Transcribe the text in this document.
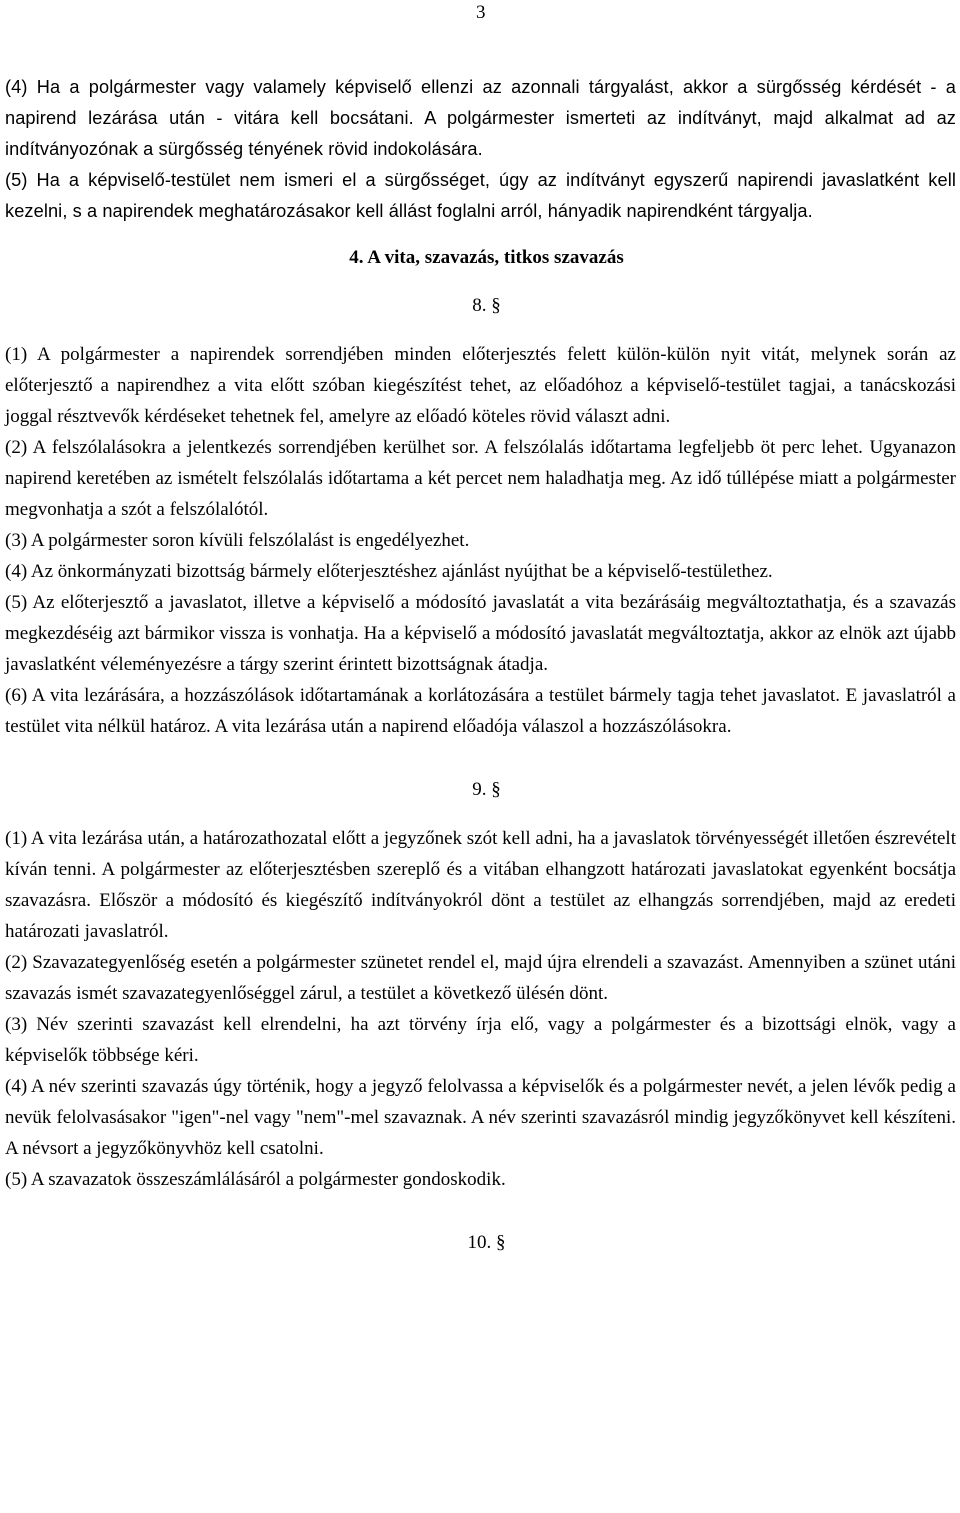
3

(4) Ha a polgármester vagy valamely képviselő ellenzi az azonnali tárgyalást, akkor a sürgősség kérdését - a napirend lezárása után - vitára kell bocsátani. A polgármester ismerteti az indítványt, majd alkalmat ad az indítványozónak a sürgősség tényének rövid indokolására.

(5) Ha a képviselő-testület nem ismeri el a sürgősséget, úgy az indítványt egyszerű napirendi javaslatként kell kezelni, s a napirendek meghatározásakor kell állást foglalni arról, hányadik napirendként tárgyalja.

4. A vita, szavazás, titkos szavazás

8. §

(1) A polgármester a napirendek sorrendjében minden előterjesztés felett külön-külön nyit vitát, melynek során az előterjesztő a napirendhez a vita előtt szóban kiegészítést tehet, az előadóhoz a képviselő-testület tagjai, a tanácskozási joggal résztvevők kérdéseket tehetnek fel, amelyre az előadó köteles rövid választ adni.

(2) A felszólalásokra a jelentkezés sorrendjében kerülhet sor. A felszólalás időtartama legfeljebb öt perc lehet. Ugyanazon napirend keretében az ismételt felszólalás időtartama a két percet nem haladhatja meg. Az idő túllépése miatt a polgármester megvonhatja a szót a felszólalótól.

(3) A polgármester soron kívüli felszólalást is engedélyezhet.

(4) Az önkormányzati bizottság bármely előterjesztéshez ajánlást nyújthat be a képviselő-testülethez.

(5) Az előterjesztő a javaslatot, illetve a képviselő a módosító javaslatát a vita bezárásáig megváltoztathatja, és a szavazás megkezdéséig azt bármikor vissza is vonhatja. Ha a képviselő a módosító javaslatát megváltoztatja, akkor az elnök azt újabb javaslatként véleményezésre a tárgy szerint érintett bizottságnak átadja.

(6) A vita lezárására, a hozzászólások időtartamának a korlátozására a testület bármely tagja tehet javaslatot. E javaslatról a testület vita nélkül határoz. A vita lezárása után a napirend előadója válaszol a hozzászólásokra.

9. §

(1) A vita lezárása után, a határozathozatal előtt a jegyzőnek szót kell adni, ha a javaslatok törvényességét illetően észrevételt kíván tenni. A polgármester az előterjesztésben szereplő és a vitában elhangzott határozati javaslatokat egyenként bocsátja szavazásra. Először a módosító és kiegészítő indítványokról dönt a testület az elhangzás sorrendjében, majd az eredeti határozati javaslatról.

(2) Szavazategyenlőség esetén a polgármester szünetet rendel el, majd újra elrendeli a szavazást. Amennyiben a szünet utáni szavazás ismét szavazategyenlőséggel zárul, a testület a következő ülésén dönt.

(3) Név szerinti szavazást kell elrendelni, ha azt törvény írja elő, vagy a polgármester és a bizottsági elnök, vagy a képviselők többsége kéri.

(4) A név szerinti szavazás úgy történik, hogy a jegyző felolvassa a képviselők és a polgármester nevét, a jelen lévők pedig a nevük felolvasásakor "igen"-nel vagy "nem"-mel szavaznak. A név szerinti szavazásról mindig jegyzőkönyvet kell készíteni. A névsort a jegyzőkönyvhöz kell csatolni.

(5) A szavazatok összeszámlálásáról a polgármester gondoskodik.

10. §
